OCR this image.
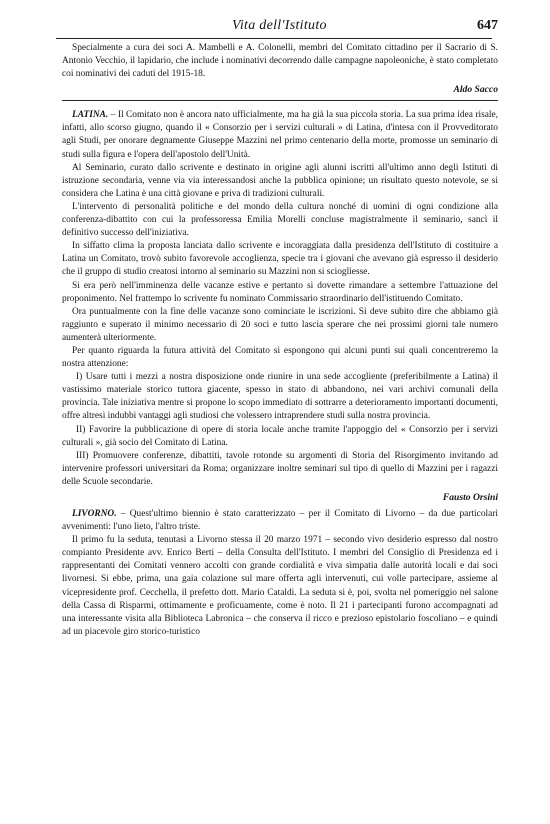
Vita dell'Istituto	647

Specialmente a cura dei soci A. Mambelli e A. Colonelli, membri del Comitato cittadino per il Sacrario di S. Antonio Vecchio, il lapidario, che include i nominativi decorrendo dalle campagne napoleoniche, è stato completato coi nominativi dei caduti del 1915-18.

Aldo Sacco

LATINA. – Il Comitato non è ancora nato ufficialmente, ma ha già la sua piccola storia. La sua prima idea risale, infatti, allo scorso giugno, quando il « Consorzio per i servizi culturali » di Latina, d'intesa con il Provveditorato agli Studi, per onorare degnamente Giuseppe Mazzini nel primo centenario della morte, promosse un seminario di studi sulla figura e l'opera dell'apostolo dell'Unità.

Al Seminario, curato dallo scrivente e destinato in origine agli alunni iscritti all'ultimo anno degli Istituti di istruzione secondaria, venne via via interessandosi anche la pubblica opinione; un risultato questo notevole, se si considera che Latina è una città giovane e priva di tradizioni culturali.

L'intervento di personalità politiche e del mondo della cultura nonché di uomini di ogni condizione alla conferenza-dibattito con cui la professoressa Emilia Morelli concluse magistralmente il seminario, sancì il definitivo successo dell'iniziativa.

In siffatto clima la proposta lanciata dallo scrivente e incoraggiata dalla presidenza dell'Istituto di costituire a Latina un Comitato, trovò subito favorevole accoglienza, specie tra i giovani che avevano già espresso il desiderio che il gruppo di studio creatosi intorno al seminario su Mazzini non si sciogliesse.

Si era però nell'imminenza delle vacanze estive e pertanto si dovette rimandare a settembre l'attuazione del proponimento. Nel frattempo lo scrivente fu nominato Commissario straordinario dell'istituendo Comitato.

Ora puntualmente con la fine delle vacanze sono cominciate le iscrizioni. Si deve subito dire che abbiamo già raggiunto e superato il minimo necessario di 20 soci e tutto lascia sperare che nei prossimi giorni tale numero aumenterà ulteriormente.

Per quanto riguarda la futura attività del Comitato si espongono qui alcuni punti sui quali concentreremo la nostra attenzione:

I) Usare tutti i mezzi a nostra disposizione onde riunire in una sede accogliente (preferibilmente a Latina) il vastissimo materiale storico tuttora giacente, spesso in stato di abbandono, nei vari archivi comunali della provincia. Tale iniziativa mentre si propone lo scopo immediato di sottrarre a deterioramento importanti documenti, offre altresì indubbi vantaggi agli studiosi che volessero intraprendere studi sulla nostra provincia.

II) Favorire la pubblicazione di opere di storia locale anche tramite l'appoggio del « Consorzio per i servizi culturali », già socio del Comitato di Latina.

III) Promuovere conferenze, dibattiti, tavole rotonde su argomenti di Storia del Risorgimento invitando ad intervenire professori universitari da Roma; organizzare inoltre seminari sul tipo di quello di Mazzini per i ragazzi delle Scuole secondarie.

Fausto Orsini

LIVORNO. – Quest'ultimo biennio è stato caratterizzato – per il Comitato di Livorno – da due particolari avvenimenti: l'uno lieto, l'altro triste.

Il primo fu la seduta, tenutasi a Livorno stessa il 20 marzo 1971 – secondo vivo desiderio espresso dal nostro compianto Presidente avv. Enrico Berti – della Consulta dell'Istituto. I membri del Consiglio di Presidenza ed i rappresentanti dei Comitati vennero accolti con grande cordialità e viva simpatia dalle autorità locali e dai soci livornesi. Si ebbe, prima, una gaia colazione sul mare offerta agli intervenuti, cui volle partecipare, assieme al vicepresidente prof. Cecchella, il prefetto dott. Mario Cataldi. La seduta si è, poi, svolta nel pomeriggio nel salone della Cassa di Risparmi, ottimamente e proficuamente, come è noto. Il 21 i partecipanti furono accompagnati ad una interessante visita alla Biblioteca Labronica – che conserva il ricco e prezioso epistolario foscoliano – e quindi ad un piacevole giro storico-turistico
